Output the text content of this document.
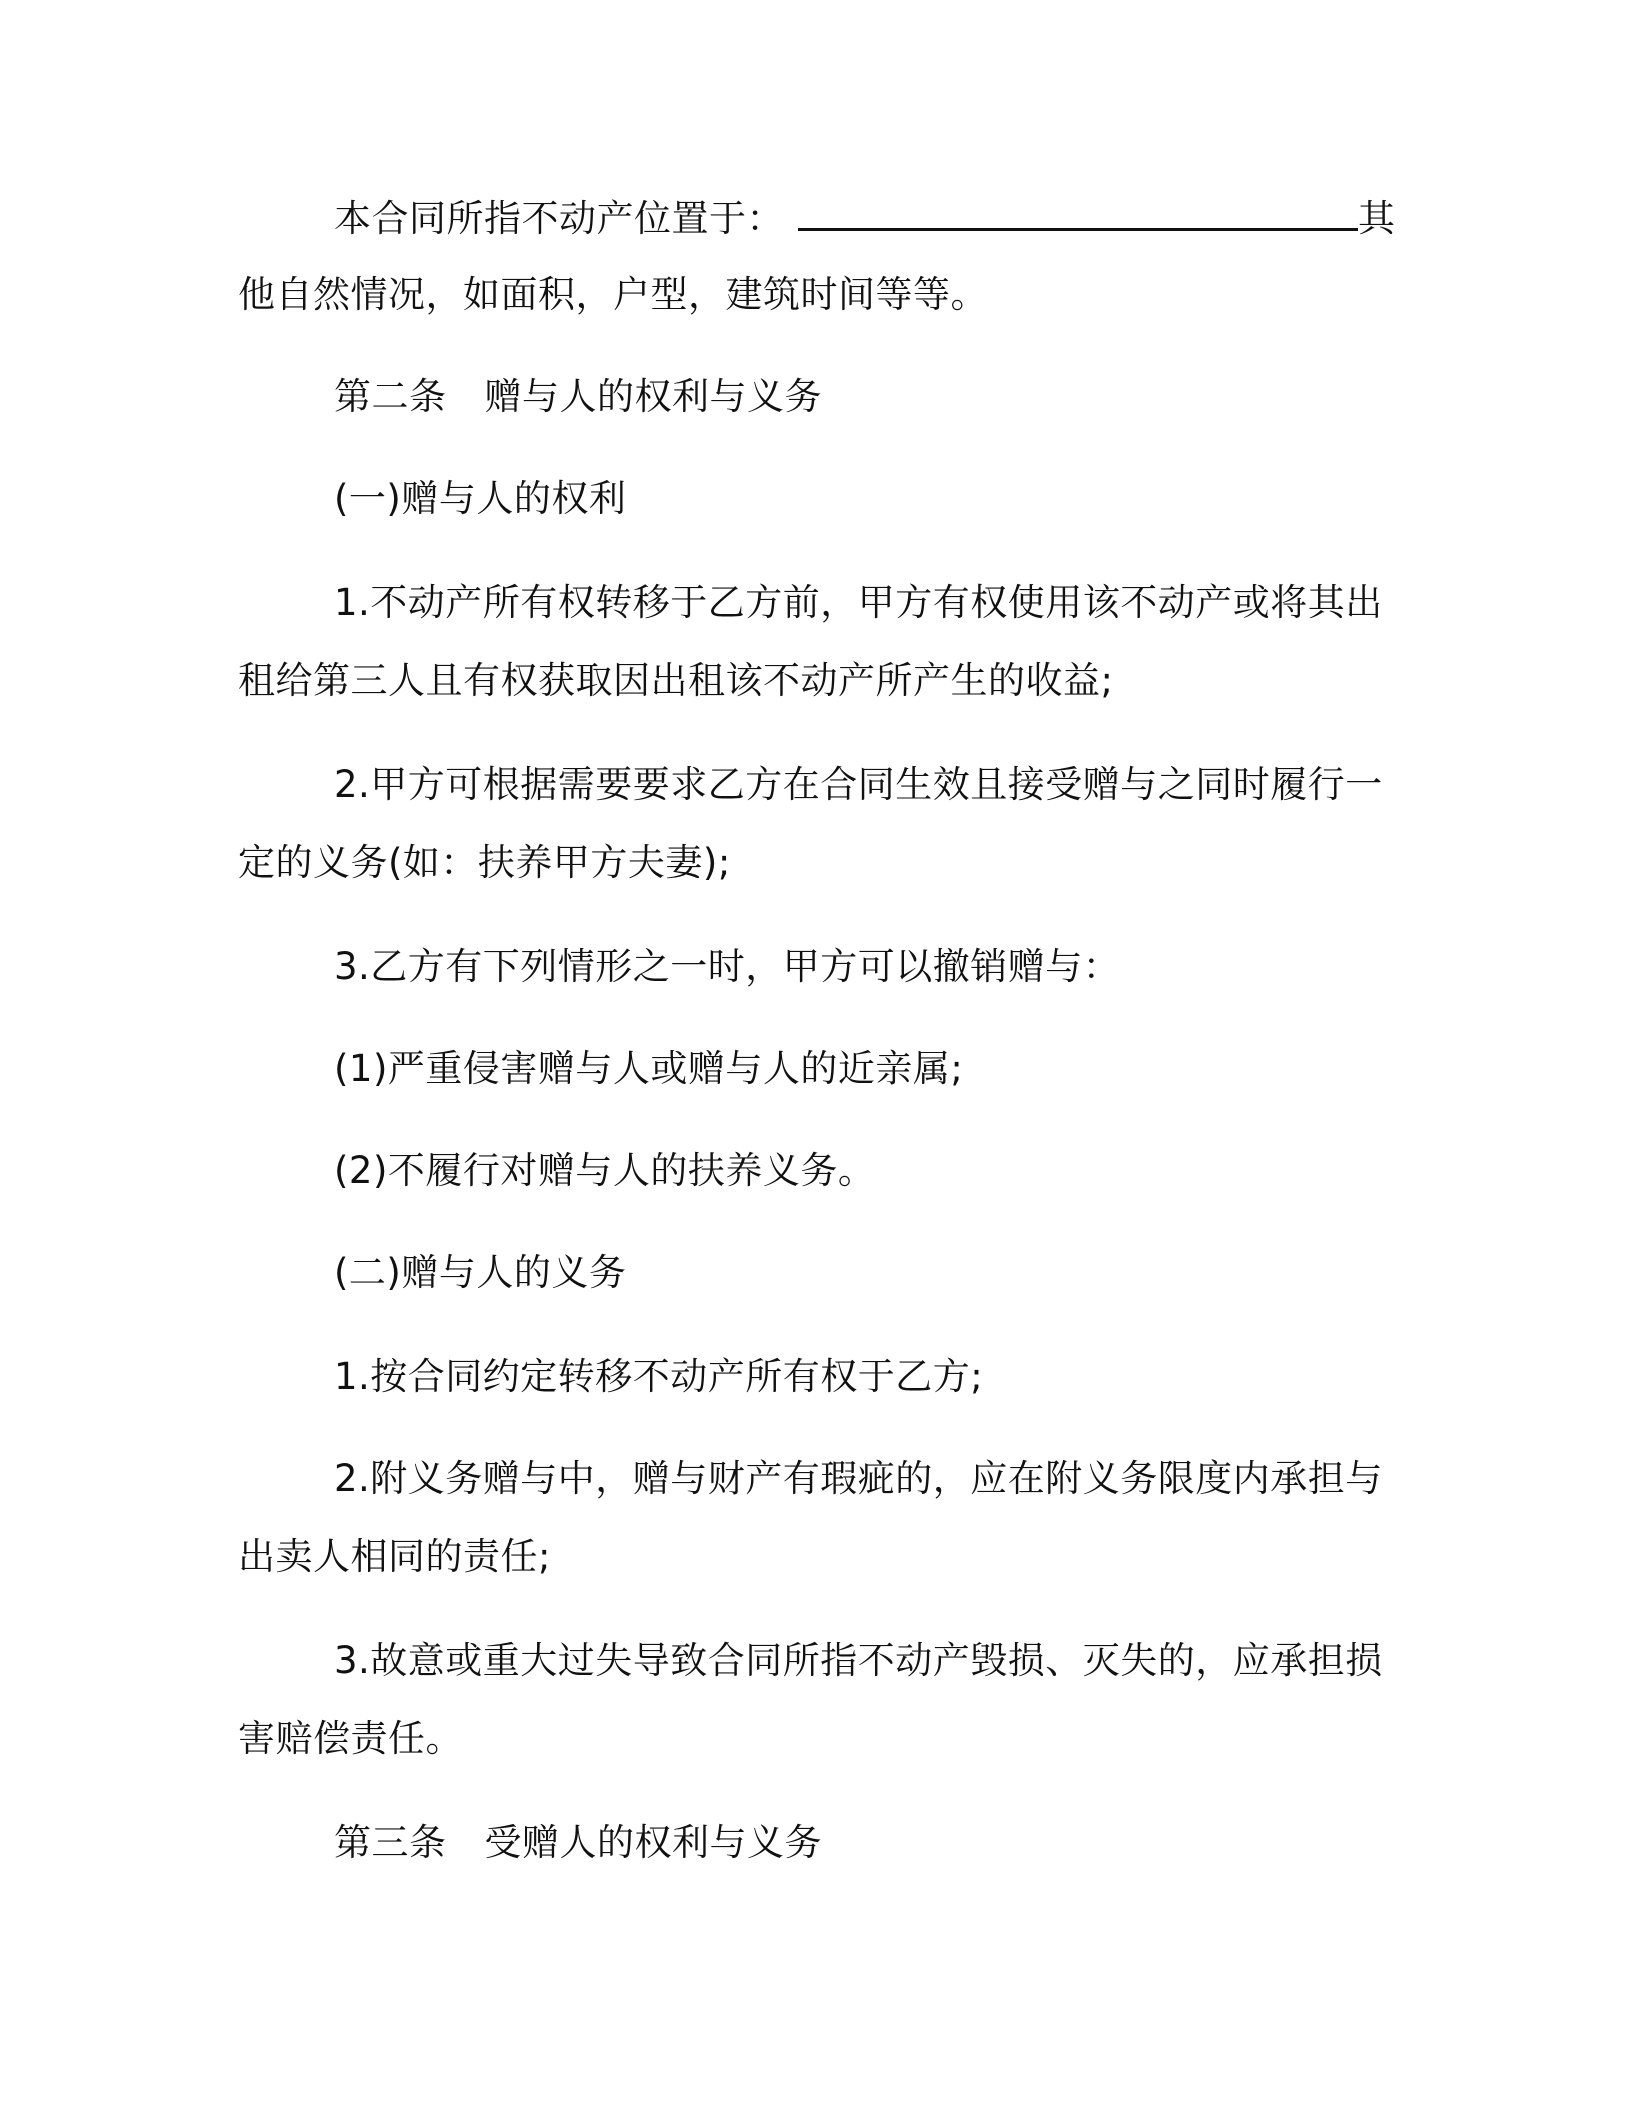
本合同所指不动产位置于：	其

他自然情况，如面积，户型，建筑时间等等。

第二条 赠与人的权利与义务

(一)赠与人的权利

1.不动产所有权转移于乙方前，甲方有权使用该不动产或将其出

租给第三人且有权获取因出租该不动产所产生的收益;

2.甲方可根据需要要求乙方在合同生效且接受赠与之同时履行一

定的义务(如：扶养甲方夫妻);

3.乙方有下列情形之一时，甲方可以撤销赠与：

(1)严重侵害赠与人或赠与人的近亲属;

(2)不履行对赠与人的扶养义务。

(二)赠与人的义务

1.按合同约定转移不动产所有权于乙方;

2.附义务赠与中，赠与财产有瑕疵的，应在附义务限度内承担与

出卖人相同的责任;

3.故意或重大过失导致合同所指不动产毁损、灭失的，应承担损

害赔偿责任。

第三条 受赠人的权利与义务
